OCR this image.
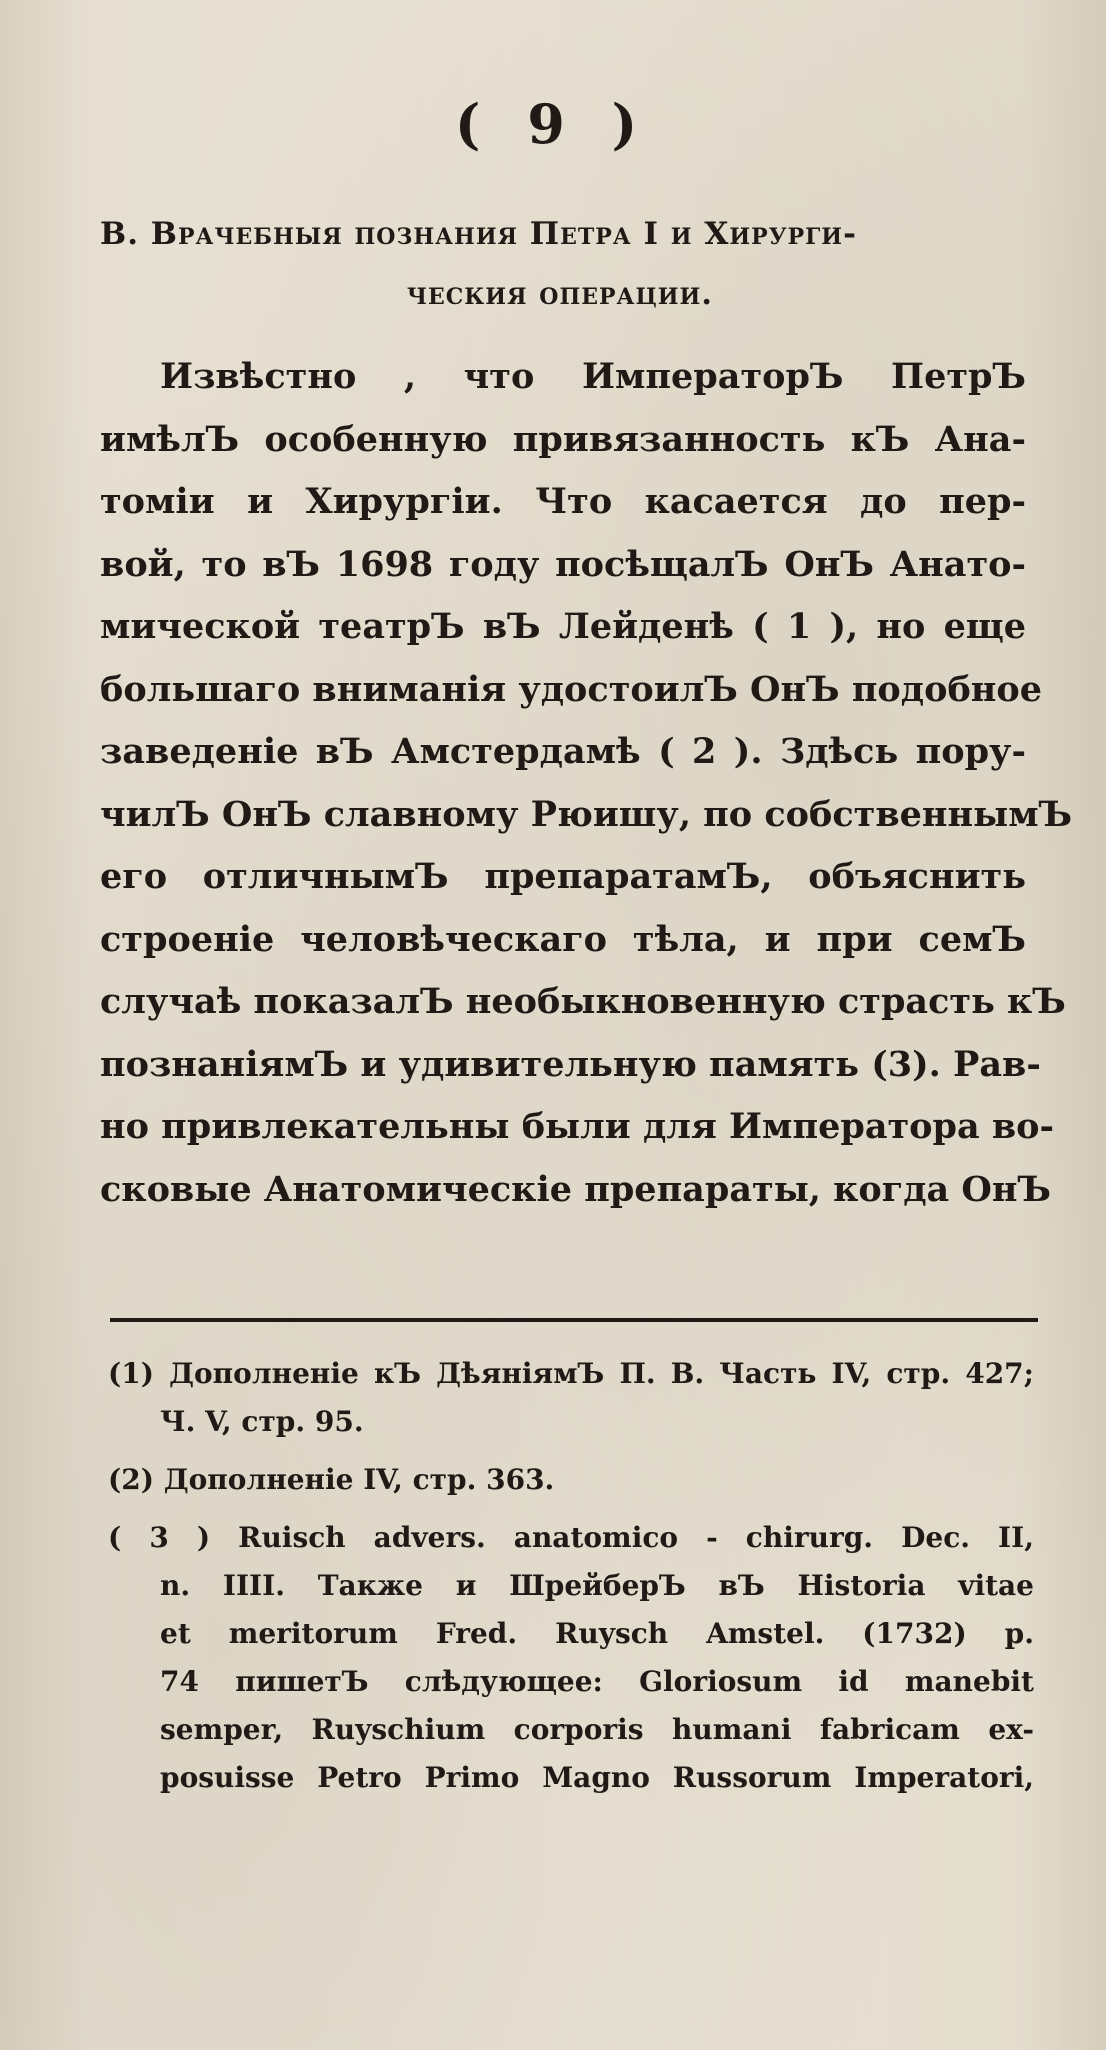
( 9 )
В. Врачебныя познания Петра I и Хирурги-
ческия операции.
Извѣстно , что ИмператорЪ ПетрЪ
имѣлЪ особенную привязанность кЪ Ана-
томіи и Хирургіи. Что касается до пер-
вой, то вЪ 1698 году посѣщалЪ ОнЪ Анато-
мической театрЪ вЪ Лейденѣ ( 1 ), но еще
большаго вниманія удостоилЪ ОнЪ подобное
заведеніе вЪ Амстердамѣ ( 2 ). Здѣсь пору-
чилЪ ОнЪ славному Рюишу, по собственнымЪ
его отличнымЪ препаратамЪ, объяснить
строеніе человѣческаго тѣла, и при семЪ
случаѣ показалЪ необыкновенную страсть кЪ
познаніямЪ и удивительную память (3). Рав-
но привлекательны были для Императора во-
сковые Анатомическіе препараты, когда ОнЪ
(1) Дополненіе кЪ ДѣяніямЪ П. В. Часть IV, стр. 427;
Ч. V, стр. 95.
(2) Дополненіе IV, стр. 363.
( 3 ) Ruisch advers. anatomico - chirurg. Dec. II,
n. IIII. Также и ШрейберЪ вЪ Historia vitae
et meritorum Fred. Ruysch Amstel. (1732) p.
74 пишетЪ слѣдующее: Gloriosum id manebit
semper, Ruyschium corporis humani fabricam ex-
posuisse Petro Primo Magno Russorum Imperatori,
